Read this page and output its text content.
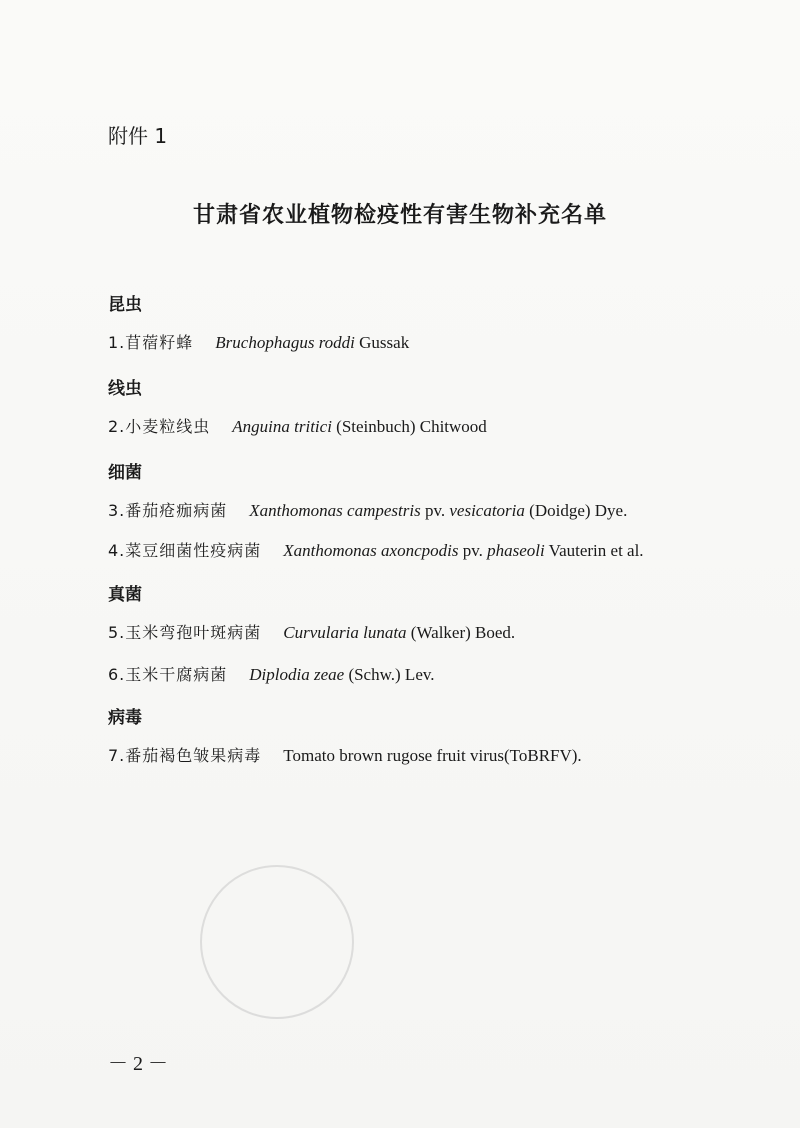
附件 1
甘肃省农业植物检疫性有害生物补充名单
昆虫
1.苜蓿籽蜂 Bruchophagus roddi Gussak
线虫
2.小麦粒线虫 Anguina tritici (Steinbuch) Chitwood
细菌
3.番茄疮痂病菌 Xanthomonas campestris pv. vesicatoria (Doidge) Dye.
4.菜豆细菌性疫病菌 Xanthomonas axoncpodis pv. phaseoli Vauterin et al.
真菌
5.玉米弯孢叶斑病菌 Curvularia lunata (Walker) Boed.
6.玉米干腐病菌 Diplodia zeae (Schw.) Lev.
病毒
7.番茄褐色皱果病毒 Tomato brown rugose fruit virus(ToBRFV).
－ 2 －
